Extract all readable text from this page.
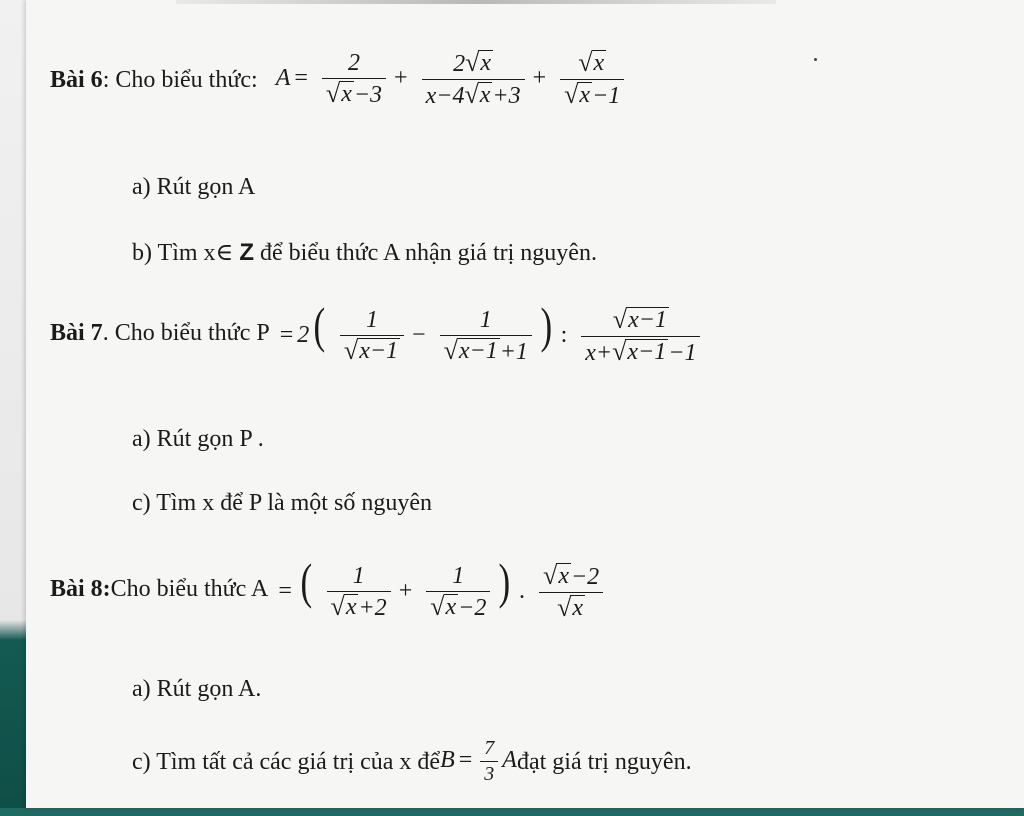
Bài 6 : Cho biểu thức: $A = \frac{2}{√ x -3} + \frac{2 √ x}{x-4 √ x +3} + \frac{√ x}{√ x -1}$
a) Rút gọn A
b) Tìm x∈ Z để biểu thức A nhận giá trị nguyên.
Bài 7 . Cho biểu thức $P = 2( \frac{1}{√ x-1} - \frac{1}{√ x-1 +1}$ ) : $\frac{√ x-1}{x+ √ x-1 -1}$
a) Rút gọn P .
c) Tìm x để P là một số nguyên
Bài 8: Cho biểu thức A = ( $\frac{1}{√ x +2} + \frac{1}{√ x -2}$ ) . $\frac{√ x -2}{√ x}$
a) Rút gọn A.
c) Tìm tất cả các giá trị của x để $B = \frac{7}{3}$ A đạt giá trị nguyên.
